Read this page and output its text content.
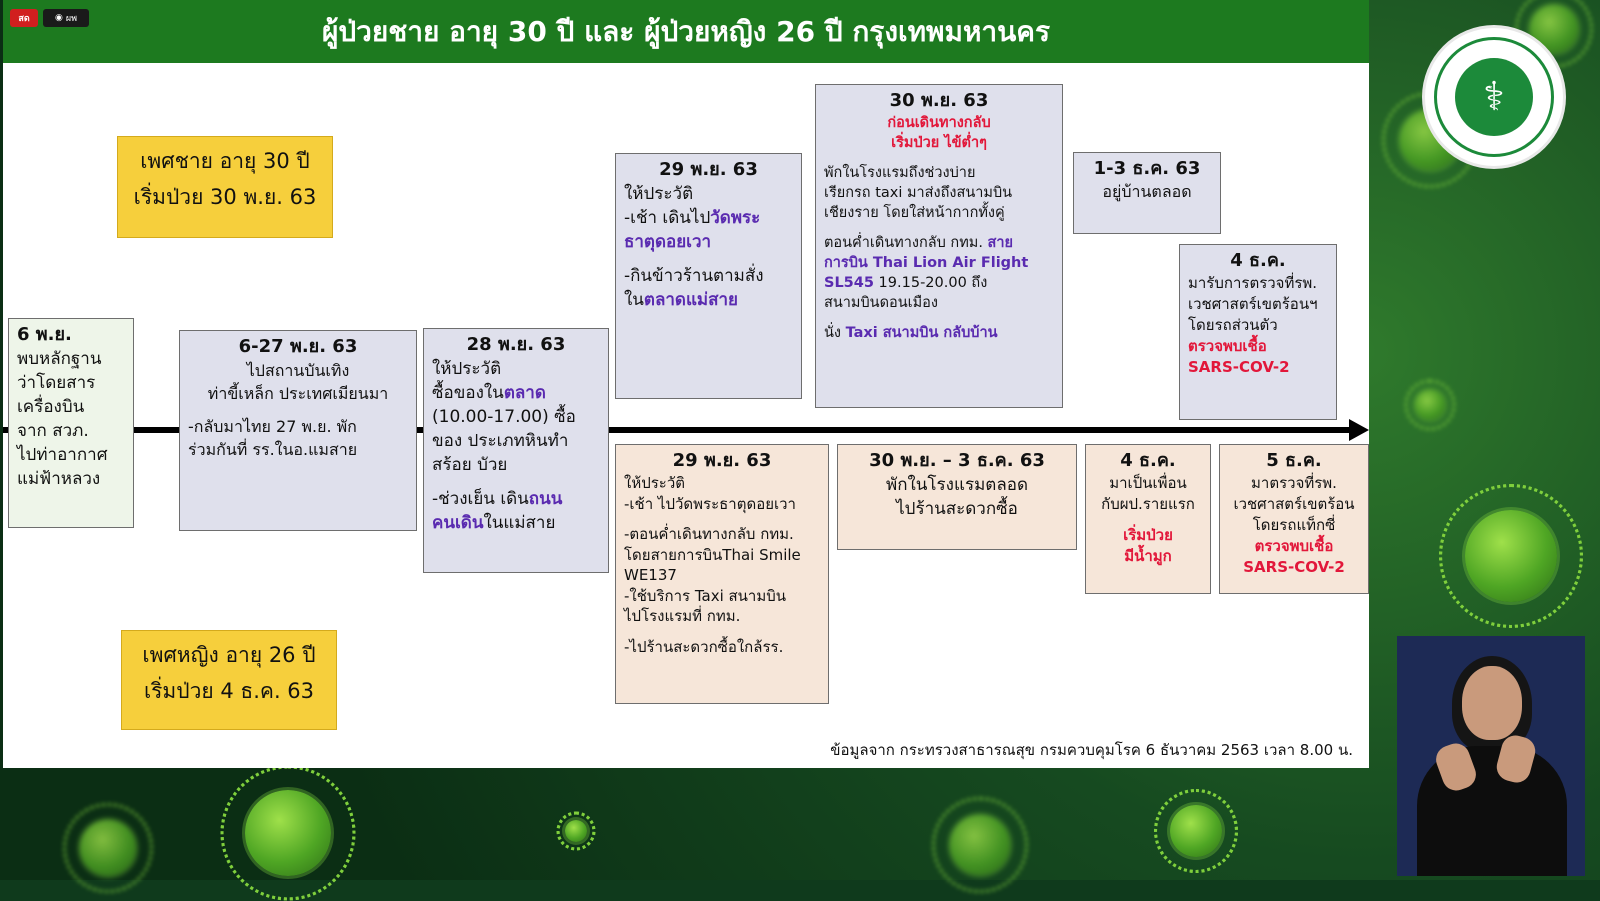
ผู้ป่วยชาย อายุ 30 ปี และ ผู้ป่วยหญิง 26 ปี กรุงเทพมหานคร
สด	◉ ผพ
เพศชาย อายุ 30 ปี
เริ่มป่วย 30 พ.ย. 63
เพศหญิง อายุ 26 ปี
เริ่มป่วย 4 ธ.ค. 63
6 พ.ย.
พบหลักฐาน
ว่าโดยสาร
เครื่องบิน
จาก สวภ.
ไปท่าอากาศ
แม่ฟ้าหลวง
6-27 พ.ย. 63
ไปสถานบันเทิง
ท่าขี้เหล็ก ประเทศเมียนมา
-กลับมาไทย 27 พ.ย. พัก
ร่วมกันที่ รร.ในอ.แมสาย
28 พ.ย. 63
ให้ประวัติ
ซื้อของในตลาด
(10.00-17.00) ซื้อ
ของ ประเภทหินทำ
สร้อย บัวย
-ช่วงเย็น เดินถนน
คนเดินในแม่สาย
29 พ.ย. 63
ให้ประวัติ
-เช้า เดินไปวัดพระ
ธาตุดอยเวา
-กินข้าวร้านตามสั่ง
ในตลาดแม่สาย
30 พ.ย. 63
ก่อนเดินทางกลับ
เริ่มป่วย ไข้ต่ำๆ
พักในโรงแรมถึงช่วงบ่าย
เรียกรถ taxi มาส่งถึงสนามบิน
เชียงราย โดยใส่หน้ากากทั้งคู่
ตอนค่ำเดินทางกลับ กทม. สาย
การบิน Thai Lion Air Flight
SL545 19.15-20.00 ถึง
สนามบินดอนเมือง
นั่ง Taxi สนามบิน กลับบ้าน
1-3 ธ.ค. 63
อยู่บ้านตลอด
4 ธ.ค.
มารับการตรวจที่รพ.
เวชศาสตร์เขตร้อนฯ
โดยรถส่วนตัว
ตรวจพบเชื้อ
SARS-COV-2
29 พ.ย. 63
ให้ประวัติ
-เช้า ไปวัดพระธาตุดอยเวา
-ตอนค่ำเดินทางกลับ กทม.
โดยสายการบินThai Smile
WE137
-ใช้บริการ Taxi สนามบิน
ไปโรงแรมที่ กทม.
-ไปร้านสะดวกซื้อใกล้รร.
30 พ.ย. – 3 ธ.ค. 63
พักในโรงแรมตลอด
ไปร้านสะดวกซื้อ
4 ธ.ค.
มาเป็นเพื่อน
กับผป.รายแรก
เริ่มป่วย
มีน้ำมูก
5 ธ.ค.
มาตรวจที่รพ.
เวชศาสตร์เขตร้อน
โดยรถแท็กซี่
ตรวจพบเชื้อ
SARS-COV-2
ข้อมูลจาก กระทรวงสาธารณสุข กรมควบคุมโรค 6 ธันวาคม 2563 เวลา 8.00 น.
⚕
